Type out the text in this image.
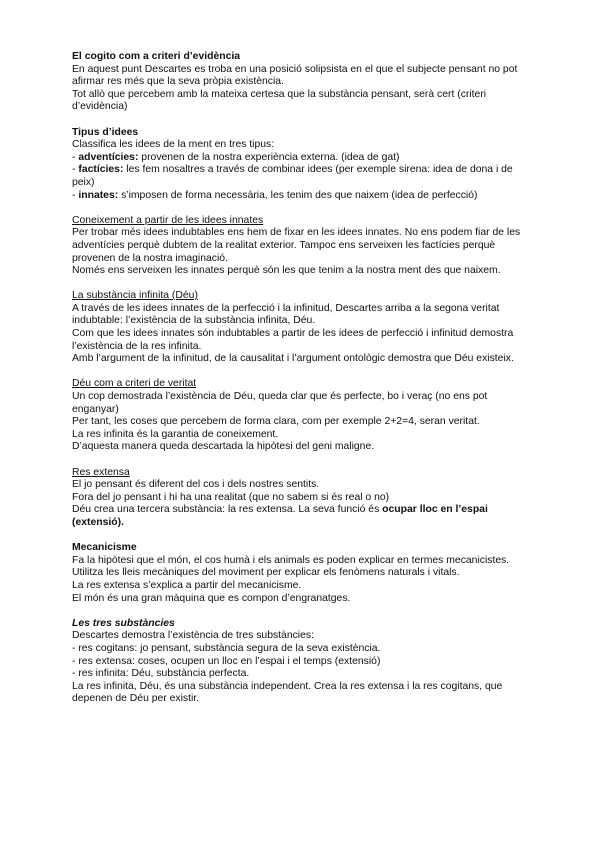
El cogito com a criteri d’evidència

En aquest punt Descartes es troba en una posició solipsista en el que el subjecte pensant no pot afirmar res més que la seva pròpia existència.

Tot allò que percebem amb la mateixa certesa que la substància pensant, serà cert (criteri d’evidència)

Tipus d’idees

Classifica les idees de la ment en tres tipus:

- adventícies: provenen de la nostra experiència externa. (idea de gat)

- factícies: les fem nosaltres a través de combinar idees (per exemple sirena: idea de dona i de peix)

- innates: s’imposen de forma necessària, les tenim des que naixem (idea de perfecció)

Coneixement a partir de les idees innates

Per trobar més idees indubtables ens hem de fixar en les idees innates. No ens podem fiar de les adventícies perquè dubtem de la realitat exterior. Tampoc ens serveixen les factícies perquè provenen de la nostra imaginació.

Només ens serveixen les innates perquè són les que tenim a la nostra ment des que naixem.

La substància infinita (Déu)

A través de les idees innates de la perfecció i la infinitud, Descartes arriba a la segona veritat indubtable: l’existència de la substància infinita, Déu.

Com que les idees innates són indubtables a partir de les idees de perfecció i infinitud demostra l’existència de la res infinita.

Amb l’argument de la infinitud, de la causalitat i l’argument ontològic demostra que Déu existeix.

Déu com a criteri de veritat

Un cop demostrada l’existència de Déu, queda clar que és perfecte, bo i veraç (no ens pot enganyar)

Per tant, les coses que percebem de forma clara, com per exemple 2+2=4, seran veritat.

La res infinita és la garantia de coneixement.

D’aquesta manera queda descartada la hipòtesi del geni maligne.

Res extensa

El jo pensant és diferent del cos i dels nostres sentits.

Fora del jo pensant i hi ha una realitat (que no sabem si és real o no)

Déu crea una tercera substància: la res extensa. La seva funció és ocupar lloc en l’espai (extensió).

Mecanicisme

Fa la hipòtesi que el món, el cos humà i els animals es poden explicar en termes mecanicistes.

Utilitza les lleis mecàniques del moviment per explicar els fenòmens naturals i vitals.

La res extensa s’explica a partir del mecanicisme.

El món és una gran màquina que es compon d’engranatges.

Les tres substàncies

Descartes demostra l’existència de tres substàncies:

- res cogitans: jo pensant, substància segura de la seva existència.

- res extensa: coses, ocupen un lloc en l’espai i el temps (extensió)

- res infinita: Déu, substància perfecta.

La res infinita, Déu, és una substància independent. Crea la res extensa i la res cogitans, que depenen de Déu per existir.
